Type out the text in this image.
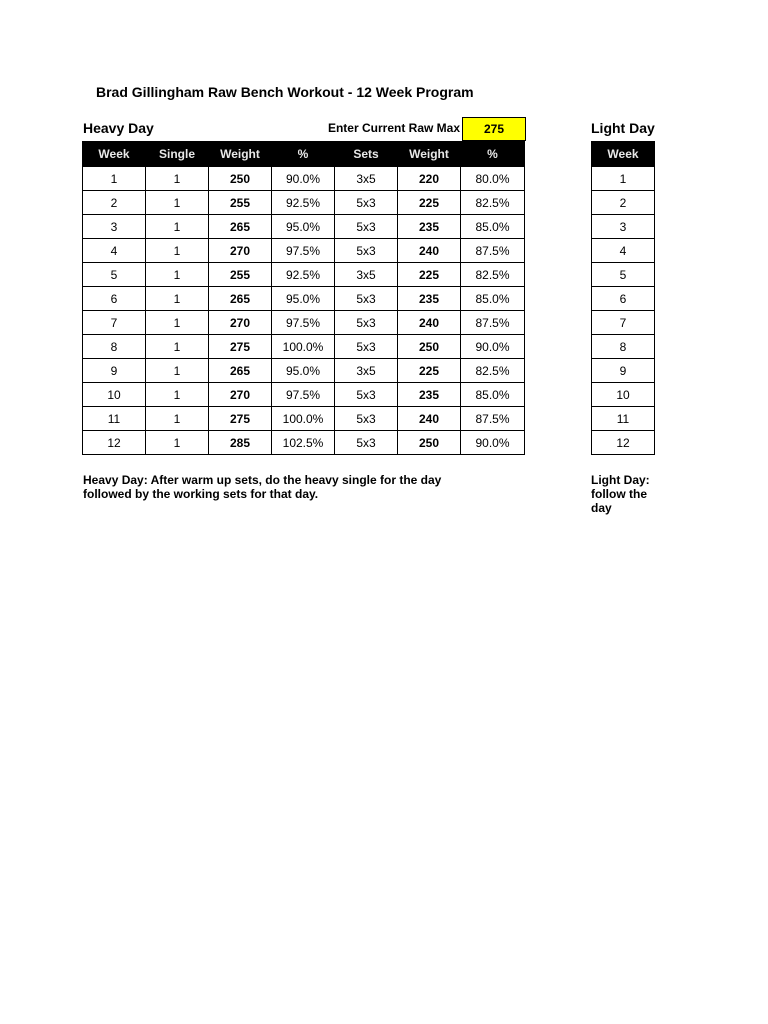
Brad Gillingham Raw Bench Workout - 12 Week Program
Heavy Day	Enter Current Raw Max
275
Week	Single	Weight	%	Sets	Weight	%
1	1	250	90.0%	3x5	220	80.0%
2	1	255	92.5%	5x3	225	82.5%
3	1	265	95.0%	5x3	235	85.0%
4	1	270	97.5%	5x3	240	87.5%
5	1	255	92.5%	3x5	225	82.5%
6	1	265	95.0%	5x3	235	85.0%
7	1	270	97.5%	5x3	240	87.5%
8	1	275	100.0%	5x3	250	90.0%
9	1	265	95.0%	3x5	225	82.5%
10	1	270	97.5%	5x3	235	85.0%
11	1	275	100.0%	5x3	240	87.5%
12	1	285	102.5%	5x3	250	90.0%
Heavy Day: After warm up sets, do the heavy single for the day followed by the working sets for that day.
Light Day
Week
1
2
3
4
5
6
7
8
9
10
11
12
Light Day:
follow the
day
